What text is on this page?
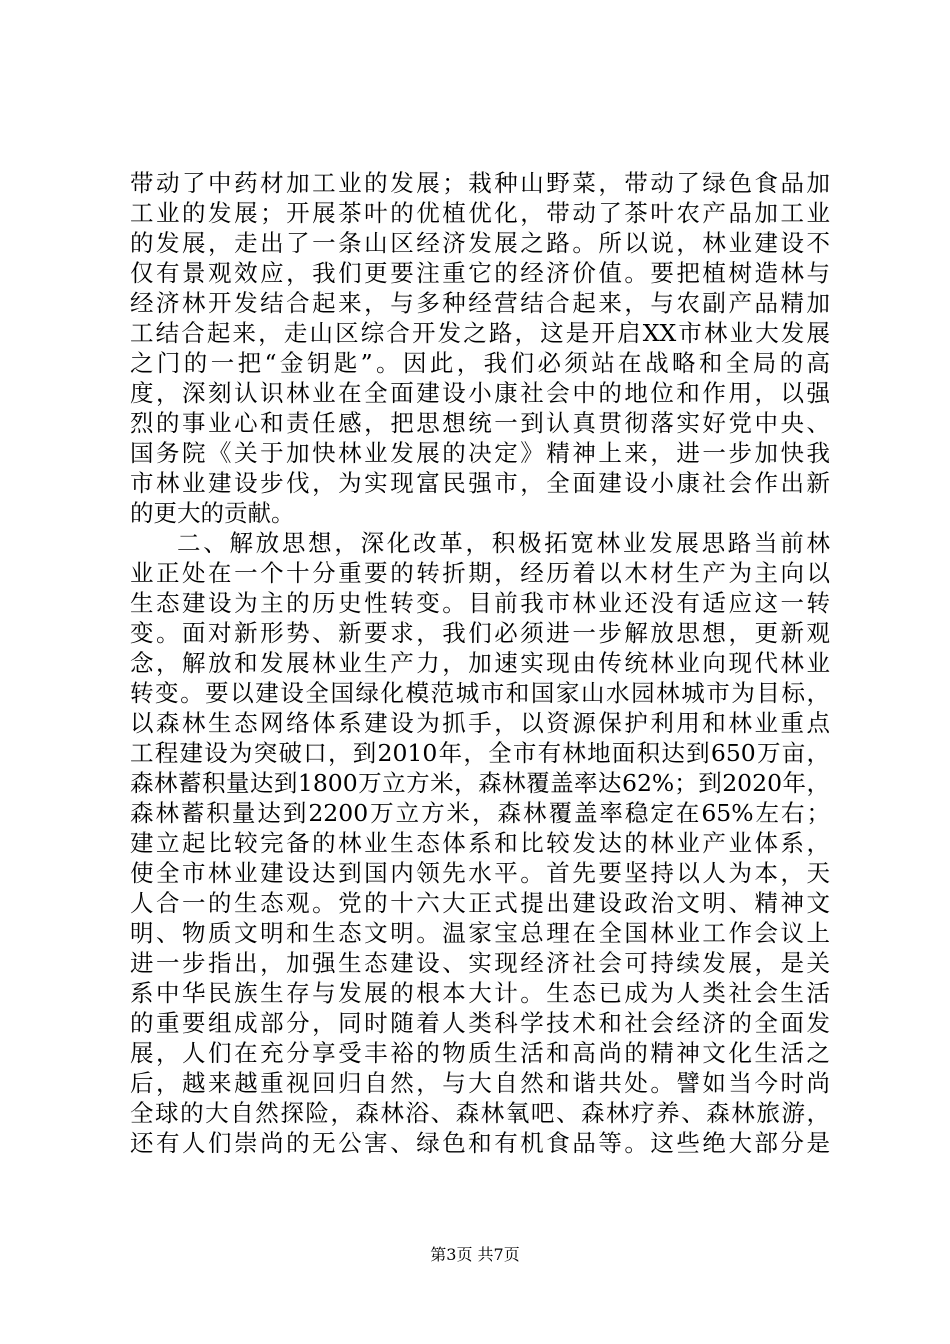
带动了中药材加工业的发展；栽种山野菜，带动了绿色食品加
工业的发展；开展茶叶的优植优化，带动了茶叶农产品加工业
的发展，走出了一条山区经济发展之路。所以说，林业建设不
仅有景观效应，我们更要注重它的经济价值。要把植树造林与
经济林开发结合起来，与多种经营结合起来，与农副产品精加
工结合起来，走山区综合开发之路，这是开启XX市林业大发展
之门的一把“金钥匙”。因此，我们必须站在战略和全局的高
度，深刻认识林业在全面建设小康社会中的地位和作用，以强
烈的事业心和责任感，把思想统一到认真贯彻落实好党中央、
国务院《关于加快林业发展的决定》精神上来，进一步加快我
市林业建设步伐，为实现富民强市，全面建设小康社会作出新
的更大的贡献。
二、解放思想，深化改革，积极拓宽林业发展思路当前林
业正处在一个十分重要的转折期，经历着以木材生产为主向以
生态建设为主的历史性转变。目前我市林业还没有适应这一转
变。面对新形势、新要求，我们必须进一步解放思想，更新观
念，解放和发展林业生产力，加速实现由传统林业向现代林业
转变。要以建设全国绿化模范城市和国家山水园林城市为目标，
以森林生态网络体系建设为抓手，以资源保护利用和林业重点
工程建设为突破口，到2010年，全市有林地面积达到650万亩，
森林蓄积量达到1800万立方米，森林覆盖率达62%；到2020年，
森林蓄积量达到2200万立方米，森林覆盖率稳定在65%左右；
建立起比较完备的林业生态体系和比较发达的林业产业体系，
使全市林业建设达到国内领先水平。首先要坚持以人为本，天
人合一的生态观。党的十六大正式提出建设政治文明、精神文
明、物质文明和生态文明。温家宝总理在全国林业工作会议上
进一步指出，加强生态建设、实现经济社会可持续发展，是关
系中华民族生存与发展的根本大计。生态已成为人类社会生活
的重要组成部分，同时随着人类科学技术和社会经济的全面发
展，人们在充分享受丰裕的物质生活和高尚的精神文化生活之
后，越来越重视回归自然，与大自然和谐共处。譬如当今时尚
全球的大自然探险，森林浴、森林氧吧、森林疗养、森林旅游，
还有人们崇尚的无公害、绿色和有机食品等。这些绝大部分是
第3页 共7页
